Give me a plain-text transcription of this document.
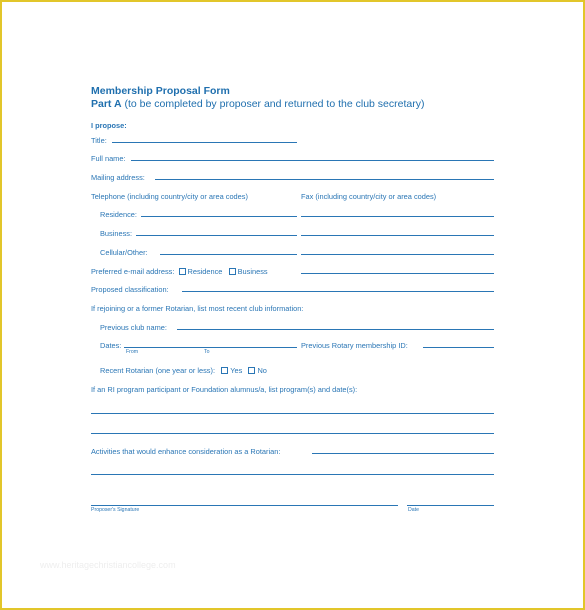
Membership Proposal Form
Part A (to be completed by proposer and returned to the club secretary)
I propose:
Title:
Full name:
Mailing address:
Telephone (including country/city or area codes)	Fax (including country/city or area codes)
Residence:
Business:
Cellular/Other:
Preferred e-mail address: Residence Business
Proposed classification:
If rejoining or a former Rotarian, list most recent club information:
Previous club name:
Dates:
From	To
Previous Rotary membership ID:
Recent Rotarian (one year or less): Yes No
If an RI program participant or Foundation alumnus/a, list program(s) and date(s):
Activities that would enhance consideration as a Rotarian:
Proposer's Signature	Date
www.heritagechristiancollege.com
